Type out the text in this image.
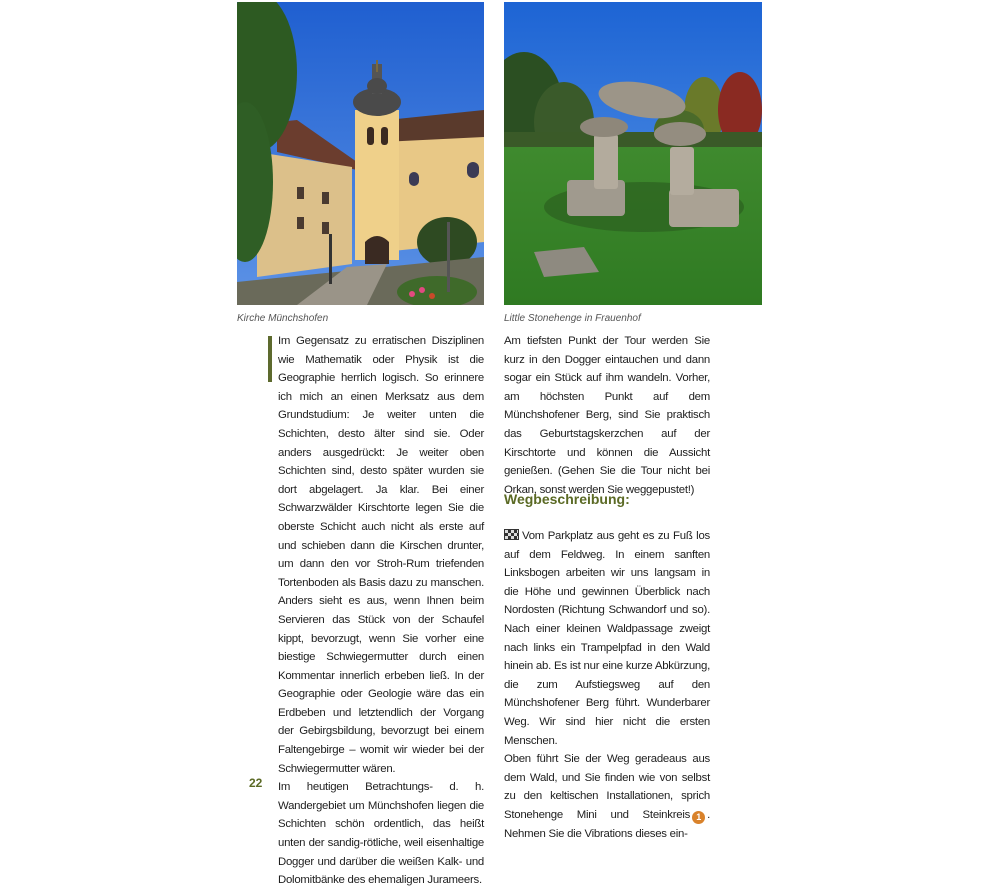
Kirche Münchshofen	Little Stonehenge in Frauenhof

Im Gegensatz zu erratischen Disziplinen wie Mathematik oder Physik ist die Geographie herrlich logisch. So erinnere ich mich an einen Merksatz aus dem Grundstudium: Je weiter unten die Schichten, desto älter sind sie. Oder anders ausgedrückt: Je weiter oben Schichten sind, desto später wurden sie dort abgelagert. Ja klar. Bei einer Schwarzwälder Kirschtorte legen Sie die oberste Schicht auch nicht als erste auf und schieben dann die Kirschen drunter, um dann den vor Stroh-Rum triefenden Tortenboden als Basis dazu zu manschen. Anders sieht es aus, wenn Ihnen beim Servieren das Stück von der Schaufel kippt, bevorzugt, wenn Sie vorher eine biestige Schwiegermutter durch einen Kommentar innerlich erbeben ließ. In der Geographie oder Geologie wäre das ein Erdbeben und letztendlich der Vorgang der Gebirgsbildung, bevorzugt bei einem Faltengebirge – womit wir wieder bei der Schwiegermutter wären.

Im heutigen Betrachtungs- d. h. Wandergebiet um Münchshofen liegen die Schichten schön ordentlich, das heißt unten der sandig-rötliche, weil eisenhaltige Dogger und darüber die weißen Kalk- und Dolomitbänke des ehemaligen Jurameers.

Am tiefsten Punkt der Tour werden Sie kurz in den Dogger eintauchen und dann sogar ein Stück auf ihm wandeln. Vorher, am höchsten Punkt auf dem Münchshofener Berg, sind Sie praktisch das Geburtstagskerzchen auf der Kirschtorte und können die Aussicht genießen. (Gehen Sie die Tour nicht bei Orkan, sonst werden Sie weggepustet!)

Wegbeschreibung:

Vom Parkplatz aus geht es zu Fuß los auf dem Feldweg. In einem sanften Linksbogen arbeiten wir uns langsam in die Höhe und gewinnen Überblick nach Nordosten (Richtung Schwandorf und so). Nach einer kleinen Waldpassage zweigt nach links ein Trampelpfad in den Wald hinein ab. Es ist nur eine kurze Abkürzung, die zum Aufstiegsweg auf den Münchshofener Berg führt. Wunderbarer Weg. Wir sind hier nicht die ersten Menschen.

Oben führt Sie der Weg geradeaus aus dem Wald, und Sie finden wie von selbst zu den keltischen Installationen, sprich Stonehenge Mini und Steinkreis 1 . Nehmen Sie die Vibrations dieses ein-

22
